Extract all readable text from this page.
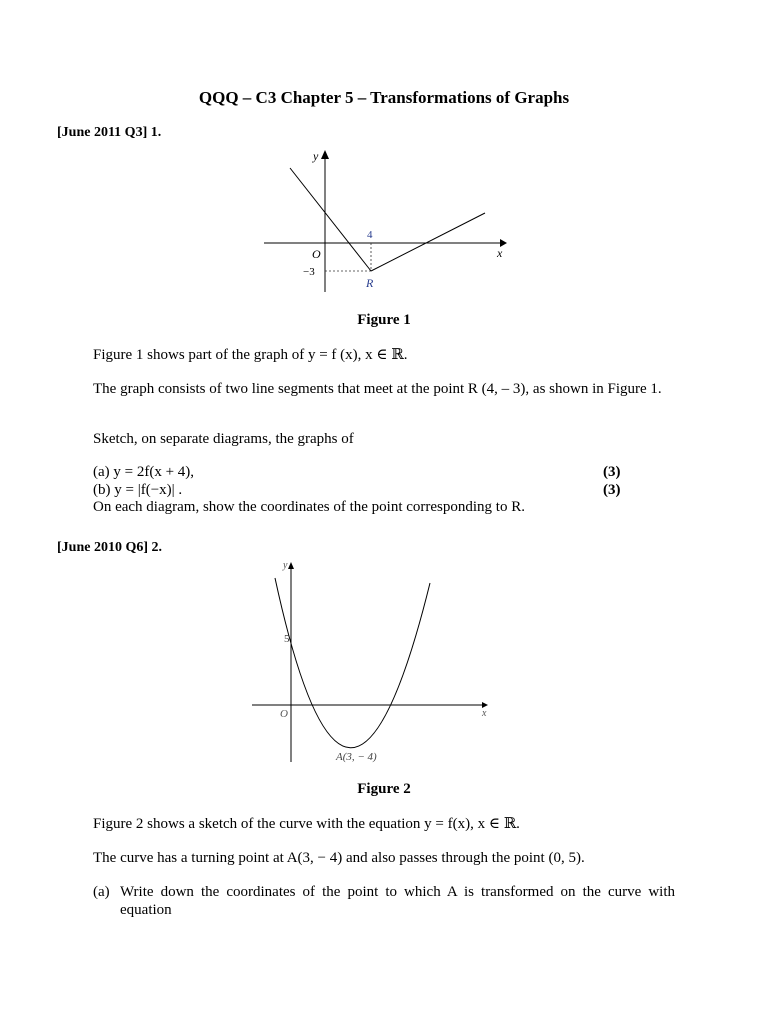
QQQ – C3 Chapter 5 – Transformations of Graphs
[June 2011 Q3] 1.
y
x
O
4
−3
R
Figure 1
Figure 1 shows part of the graph of y = f (x), x ∈ ℝ.
The graph consists of two line segments that meet at the point R (4, – 3), as shown in Figure 1.
Sketch, on separate diagrams, the graphs of
(a) y = 2f(x + 4),	(3)
(b) y = |f(−x)| .	(3)
On each diagram, show the coordinates of the point corresponding to R.
[June 2010 Q6] 2.
y
x
O
5
A(3, − 4)
Figure 2
Figure 2 shows a sketch of the curve with the equation y = f(x), x ∈ ℝ.
The curve has a turning point at A(3, − 4) and also passes through the point (0, 5).
(a) Write down the coordinates of the point to which A is transformed on the curve with equation
